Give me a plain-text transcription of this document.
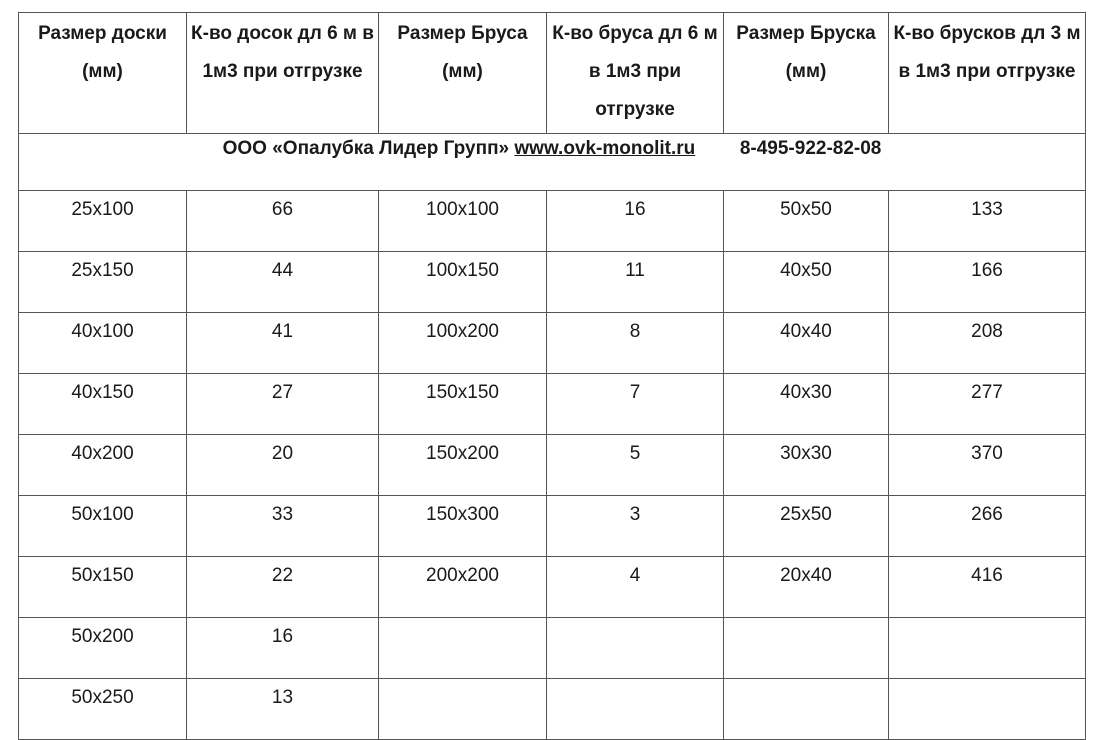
Размер доски (мм)	К-во досок дл 6 м в 1м3 при отгрузке	Размер Бруса (мм)	К-во бруса дл 6 м в 1м3 при отгрузке	Размер Бруска (мм)	К-во брусков дл 3 м в 1м3 при отгрузке
ООО «Опалубка Лидер Групп» www.ovk-monolit.ru 8-495-922-82-08					
25x100	66	100x100	16	50x50	133
25x150	44	100x150	11	40x50	166
40x100	41	100x200	8	40x40	208
40x150	27	150x150	7	40x30	277
40x200	20	150x200	5	30x30	370
50x100	33	150x300	3	25x50	266
50x150	22	200x200	4	20x40	416
50x200	16				
50x250	13				
